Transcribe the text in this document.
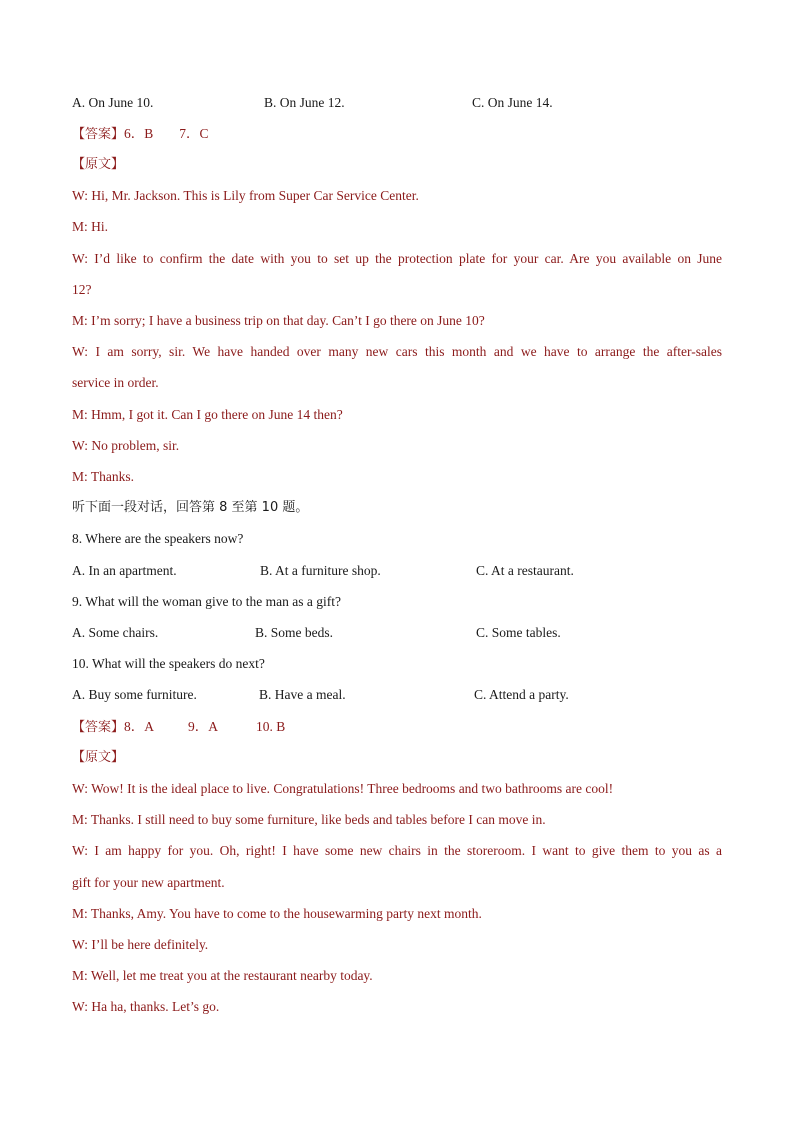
A. On June 10.	B. On June 12.	C. On June 14.
【答案】6．B 7．C
【原文】
W: Hi, Mr. Jackson. This is Lily from Super Car Service Center.
M: Hi.
W: I’d like to confirm the date with you to set up the protection plate for your car. Are you available on June
12?
M: I’m sorry; I have a business trip on that day. Can’t I go there on June 10?
W: I am sorry, sir. We have handed over many new cars this month and we have to arrange the after-sales
service in order.
M: Hmm, I got it. Can I go there on June 14 then?
W: No problem, sir.
M: Thanks.
听下面一段对话，回答第 8 至第 10 题。
8. Where are the speakers now?
A. In an apartment.	B. At a furniture shop.	C. At a restaurant.
9. What will the woman give to the man as a gift?
A. Some chairs.	B. Some beds.	C. Some tables.
10. What will the speakers do next?
A. Buy some furniture.	B. Have a meal.	C. Attend a party.
【答案】8．A	9．A	10. B
【原文】
W: Wow! It is the ideal place to live. Congratulations! Three bedrooms and two bathrooms are cool!
M: Thanks. I still need to buy some furniture, like beds and tables before I can move in.
W: I am happy for you. Oh, right! I have some new chairs in the storeroom. I want to give them to you as a
gift for your new apartment.
M: Thanks, Amy. You have to come to the housewarming party next month.
W: I’ll be here definitely.
M: Well, let me treat you at the restaurant nearby today.
W: Ha ha, thanks. Let’s go.
